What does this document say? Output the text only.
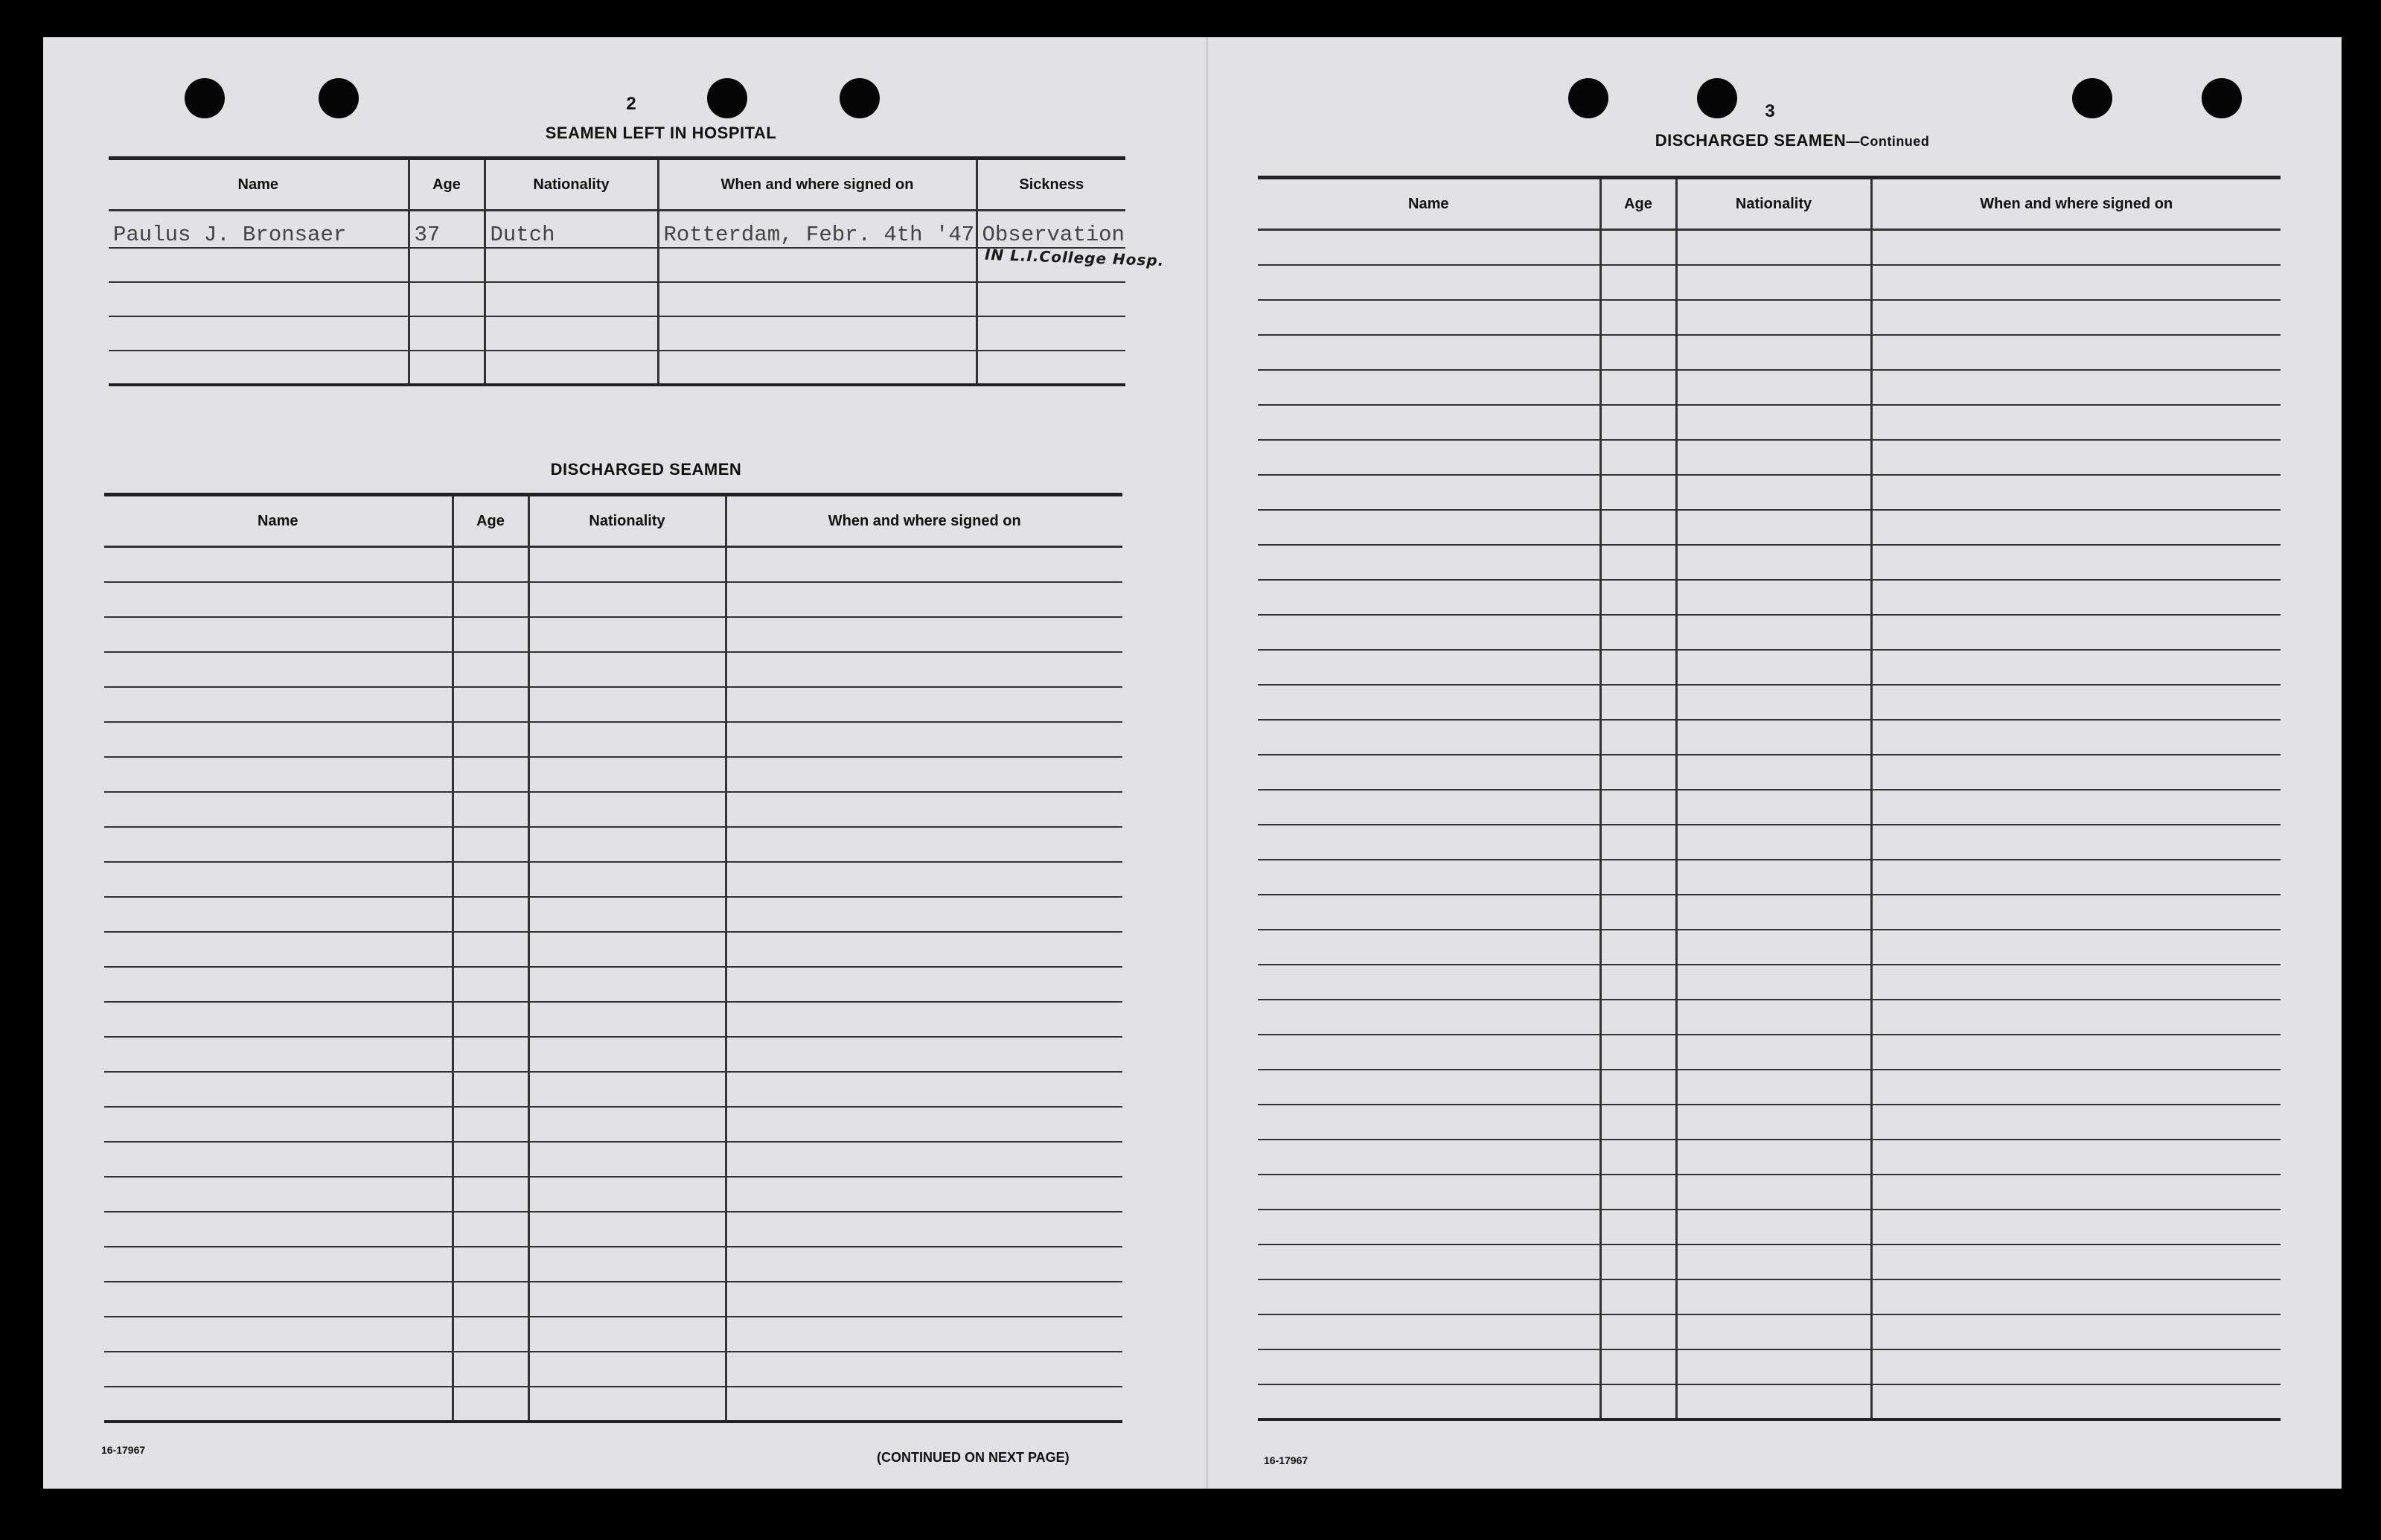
2
SEAMEN LEFT IN HOSPITAL
Name	Age	Nationality	When and where signed on	Sickness
Paulus J. Bronsaer	37	Dutch	Rotterdam, Febr. 4th '47	Observation

IN L.I.College Hosp.
DISCHARGED SEAMEN
Name	Age	Nationality	When and where signed on

16-17967	(CONTINUED ON NEXT PAGE)
3
DISCHARGED SEAMEN—Continued
Name	Age	Nationality	When and where signed on

16-17967
